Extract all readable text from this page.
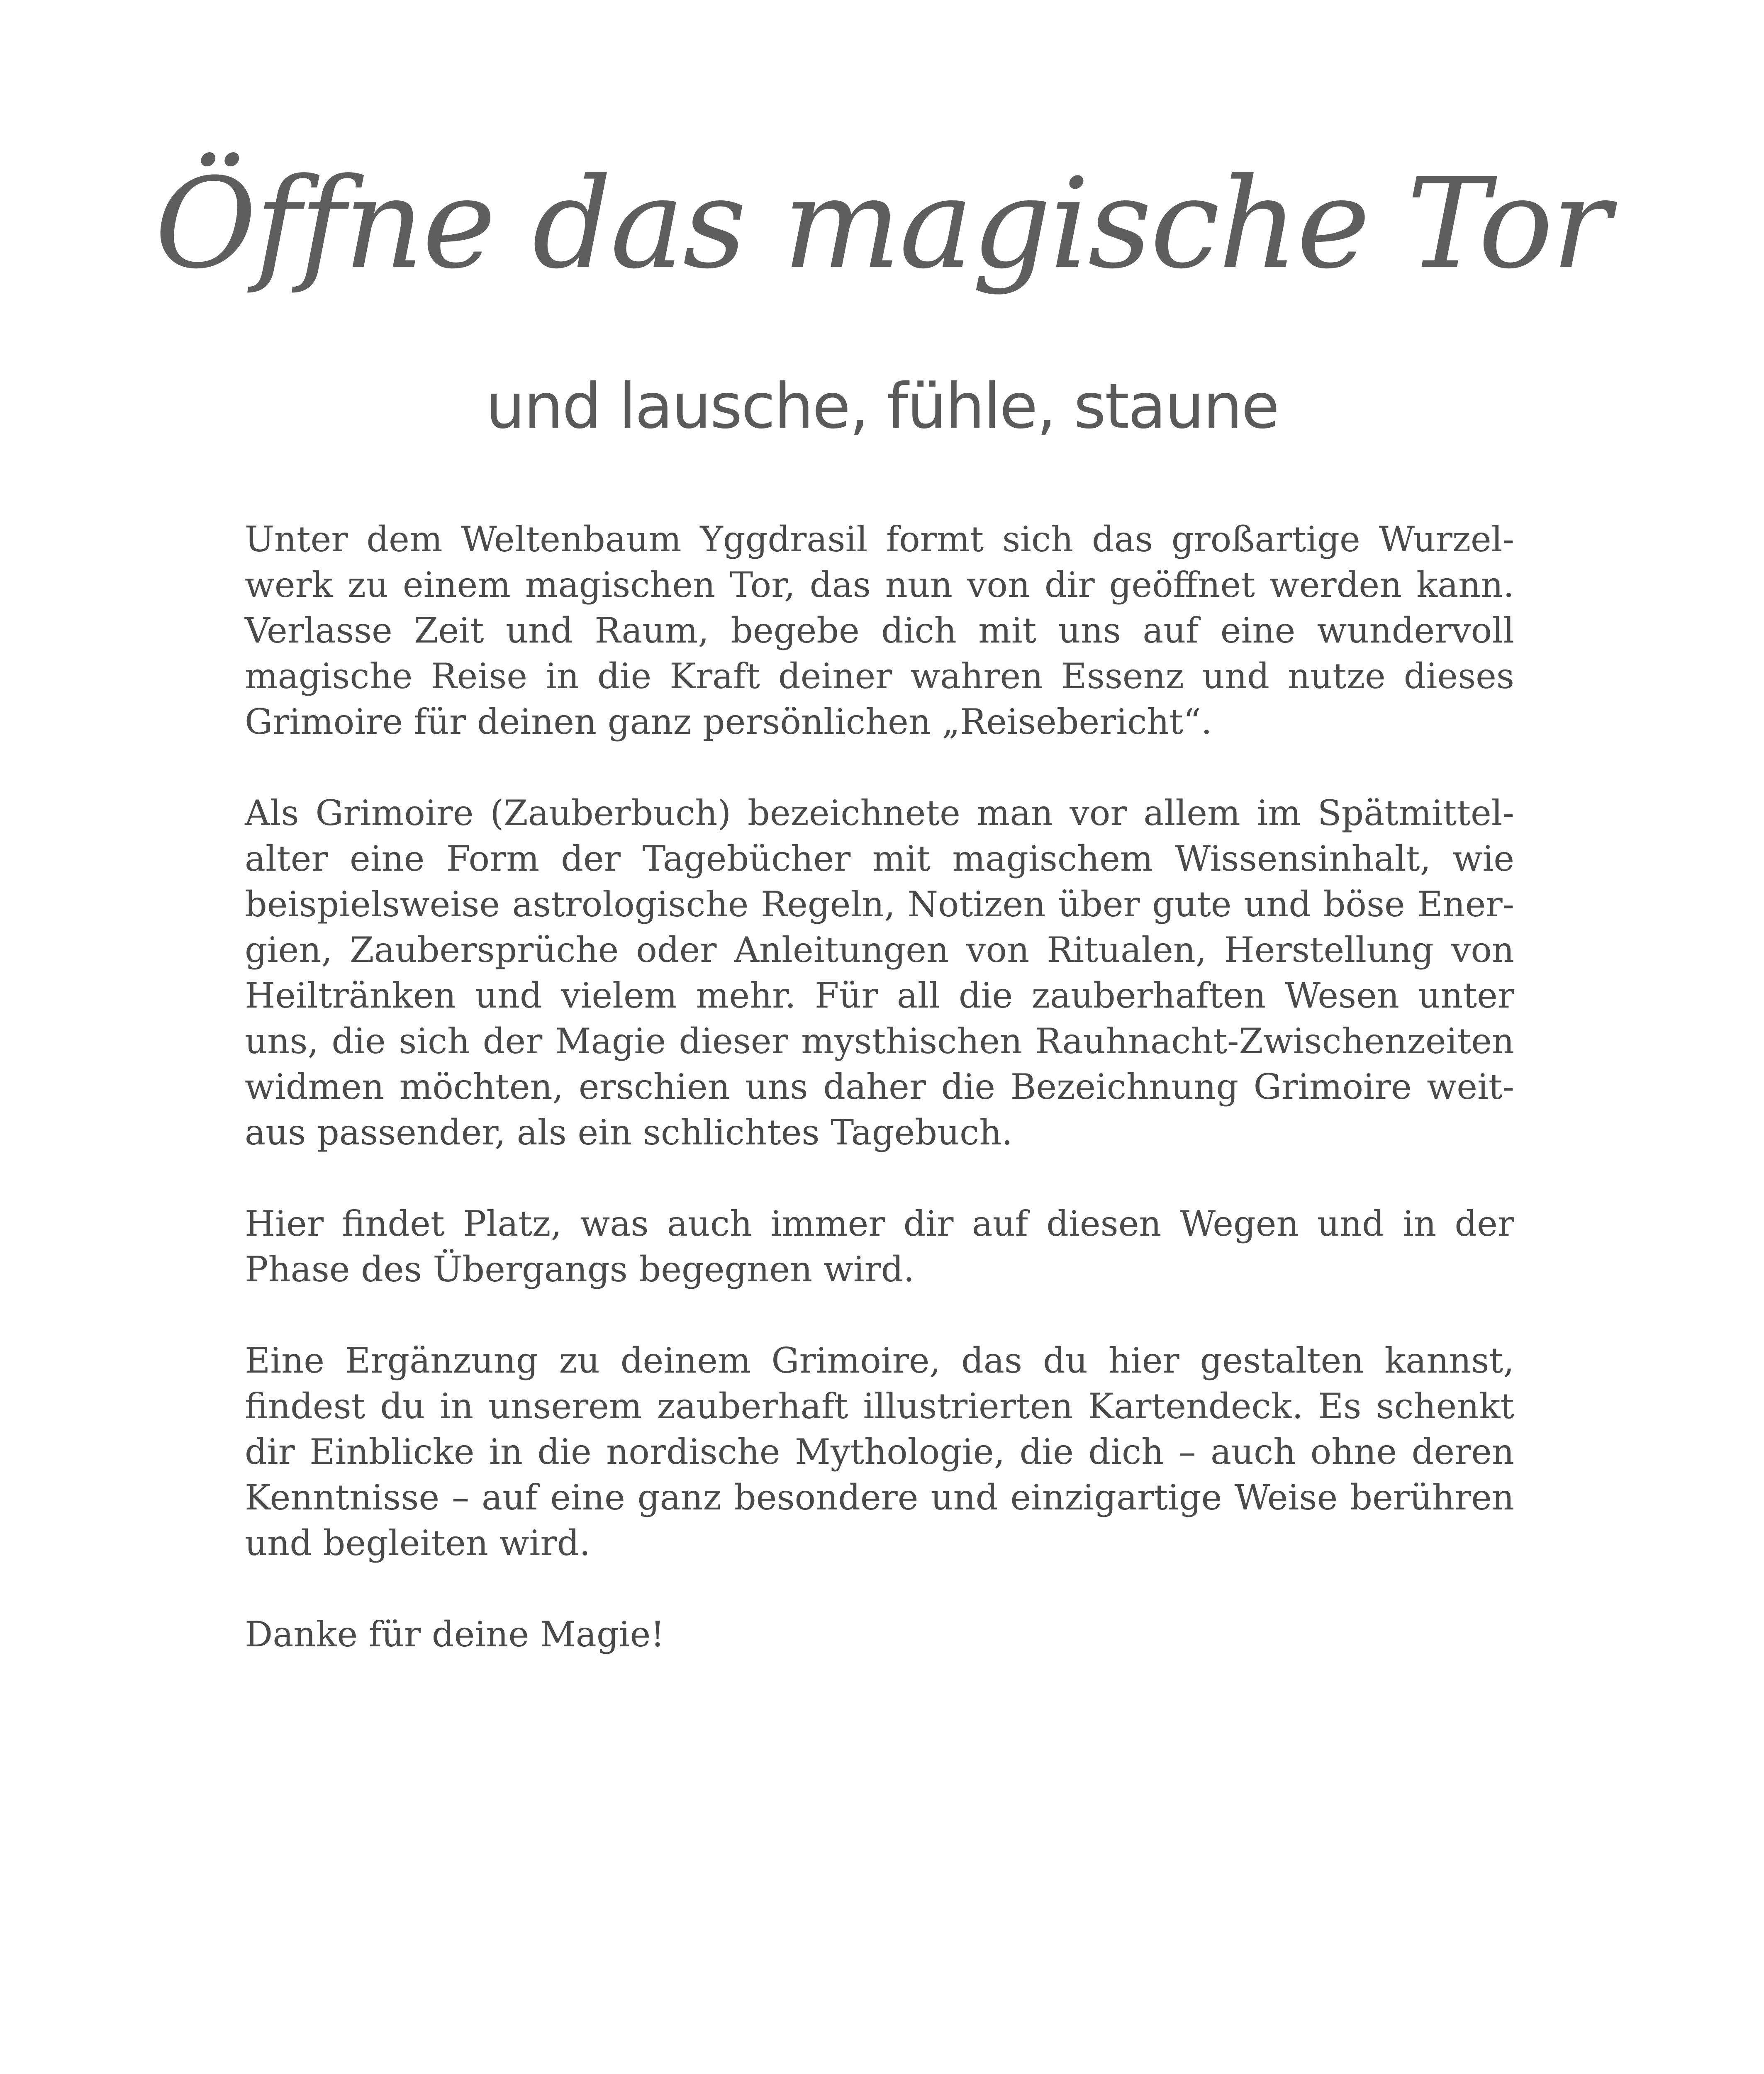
Öffne das magische Tor
und lausche, fühle, staune

Unter dem Weltenbaum Yggdrasil formt sich das großartige Wurzelwerk zu einem magischen Tor, das nun von dir geöffnet werden kann. Verlasse Zeit und Raum, begebe dich mit uns auf eine wundervoll magische Reise in die Kraft deiner wahren Essenz und nutze dieses Grimoire für deinen ganz persönlichen „Reisebericht“.

Als Grimoire (Zauberbuch) bezeichnete man vor allem im Spätmittelalter eine Form der Tagebücher mit magischem Wissensinhalt, wie beispielsweise astrologische Regeln, Notizen über gute und böse Energien, Zaubersprüche oder Anleitungen von Ritualen, Herstellung von Heiltränken und vielem mehr. Für all die zauberhaften Wesen unter uns, die sich der Magie dieser mysthischen Rauhnacht-Zwischenzeiten widmen möchten, erschien uns daher die Bezeichnung Grimoire weitaus passender, als ein schlichtes Tagebuch.

Hier findet Platz, was auch immer dir auf diesen Wegen und in der Phase des Übergangs begegnen wird.

Eine Ergänzung zu deinem Grimoire, das du hier gestalten kannst, findest du in unserem zauberhaft illustrierten Kartendeck. Es schenkt dir Einblicke in die nordische Mythologie, die dich – auch ohne deren Kenntnisse – auf eine ganz besondere und einzigartige Weise berühren und begleiten wird.

Danke für deine Magie!
